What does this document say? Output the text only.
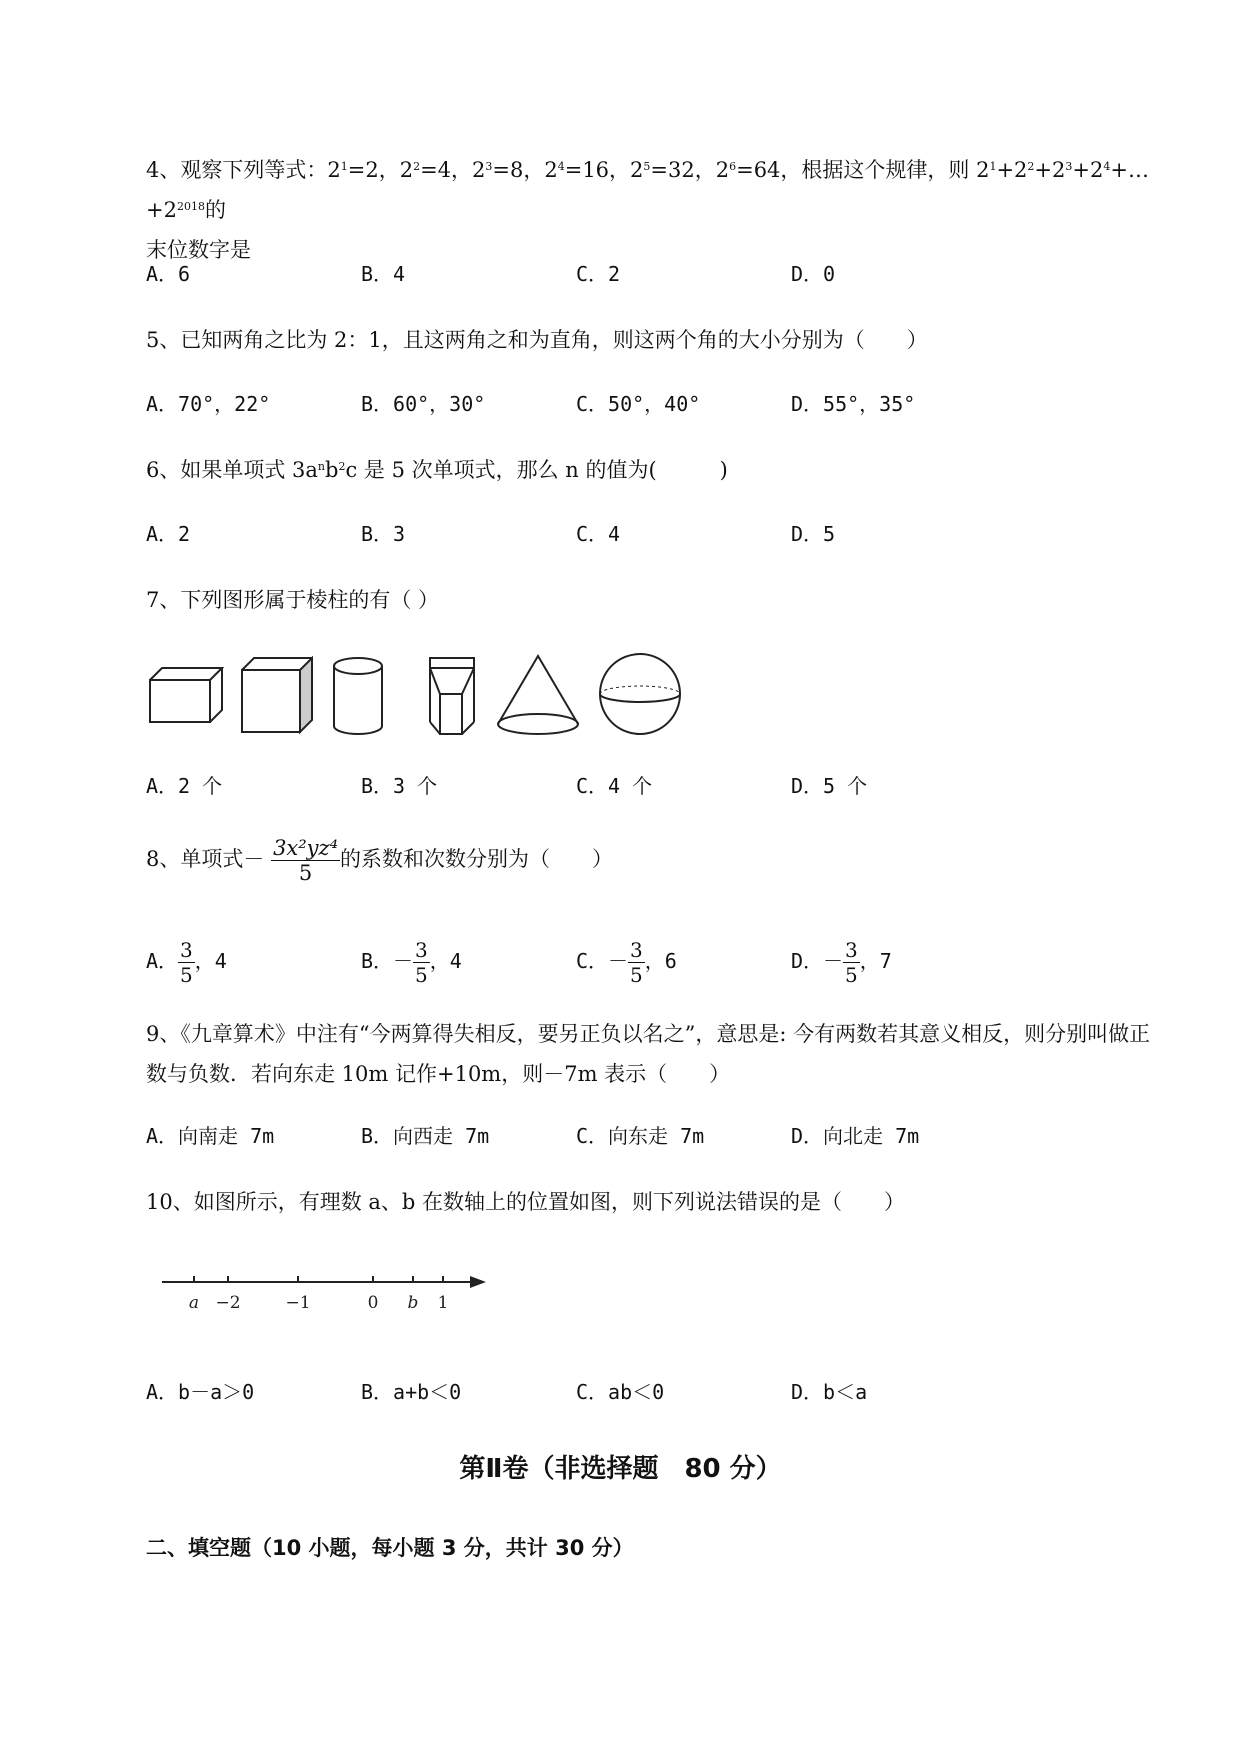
4、观察下列等式：$2^1=2$，$2^2=4$，$2^3=8$，$2^4=16$，$2^5=32$，$2^6=64$，根据这个规律，则 $2^1+2^2+2^3+2^4+\dots+2^{2018}$的
末位数字是
A．6	B．4	C．2	D．0
5、已知两角之比为 2：1，且这两角之和为直角，则这两个角的大小分别为（　　）
A．70°，22°	B．60°，30°	C．50°，40°	D．55°，35°
6、如果单项式 $3a^nb^2c$ 是 5 次单项式，那么 n 的值为(　　　)
A．2	B．3	C．4	D．5
7、下列图形属于棱柱的有（ ）
A．2 个	B．3 个	C．4 个	D．5 个
8、单项式－ $\frac{\text{3x²yz⁴}}{5}$ 的系数和次数分别为（　　）
A． $\frac{3}{5}$ ，4	B．－ $\frac{3}{5}$ ，4	C．－ $\frac{3}{5}$ ，6	D．－ $\frac{3}{5}$ ，7
9、《九章算术》中注有“今两算得失相反，要另正负以名之”，意思是: 今有两数若其意义相反，则分别叫做正数与负数．若向东走 10m 记作+10m，则－7m 表示（　　）
A．向南走 7m	B．向西走 7m	C．向东走 7m	D．向北走 7m
10、如图所示，有理数 a、b 在数轴上的位置如图，则下列说法错误的是（　　）
a −2	−1	0 b 1
A．b－a＞0	B．a+b＜0	C．ab＜0	D．b＜a
第Ⅱ卷（非选择题　80 分）
二、填空题（10 小题，每小题 3 分，共计 30 分）
